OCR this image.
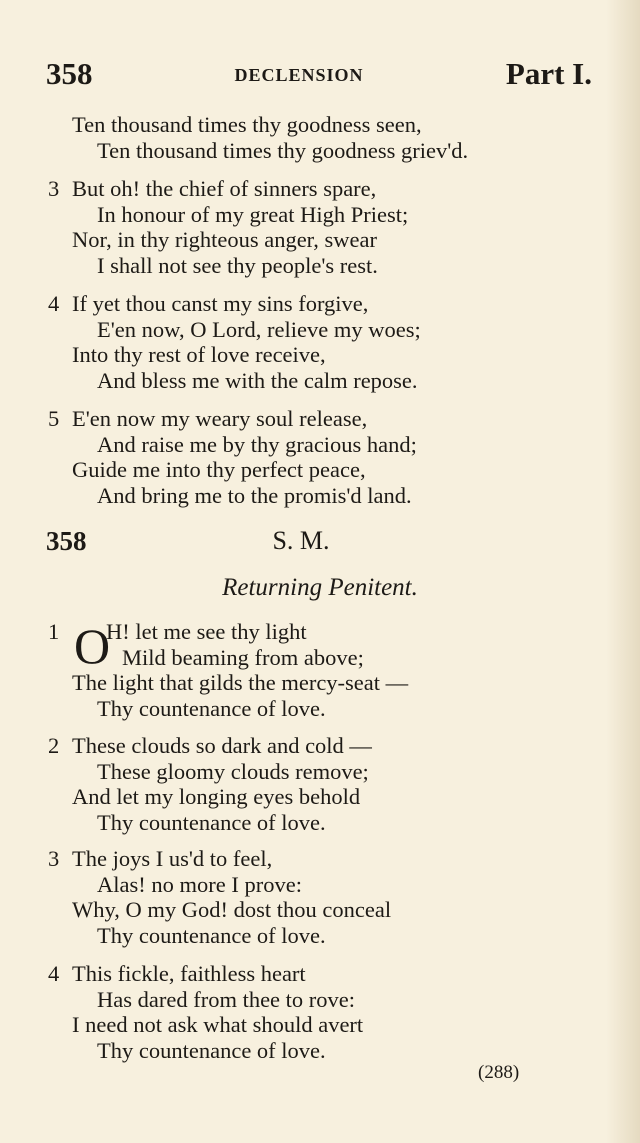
358	DECLENSION	Part I.
Ten thousand times thy goodness seen,
Ten thousand times thy goodness griev'd.
3 But oh! the chief of sinners spare,
In honour of my great High Priest;
Nor, in thy righteous anger, swear
I shall not see thy people's rest.
4 If yet thou canst my sins forgive,
E'en now, O Lord, relieve my woes;
Into thy rest of love receive,
And bless me with the calm repose.
5 E'en now my weary soul release,
And raise me by thy gracious hand;
Guide me into thy perfect peace,
And bring me to the promis'd land.
358	S. M.
Returning Penitent.
1 O
H! let me see thy light
Mild beaming from above;
The light that gilds the mercy-seat —
Thy countenance of love.
2 These clouds so dark and cold —
These gloomy clouds remove;
And let my longing eyes behold
Thy countenance of love.
3 The joys I us'd to feel,
Alas! no more I prove:
Why, O my God! dost thou conceal
Thy countenance of love.
4 This fickle, faithless heart
Has dared from thee to rove:
I need not ask what should avert
Thy countenance of love.
(288)
